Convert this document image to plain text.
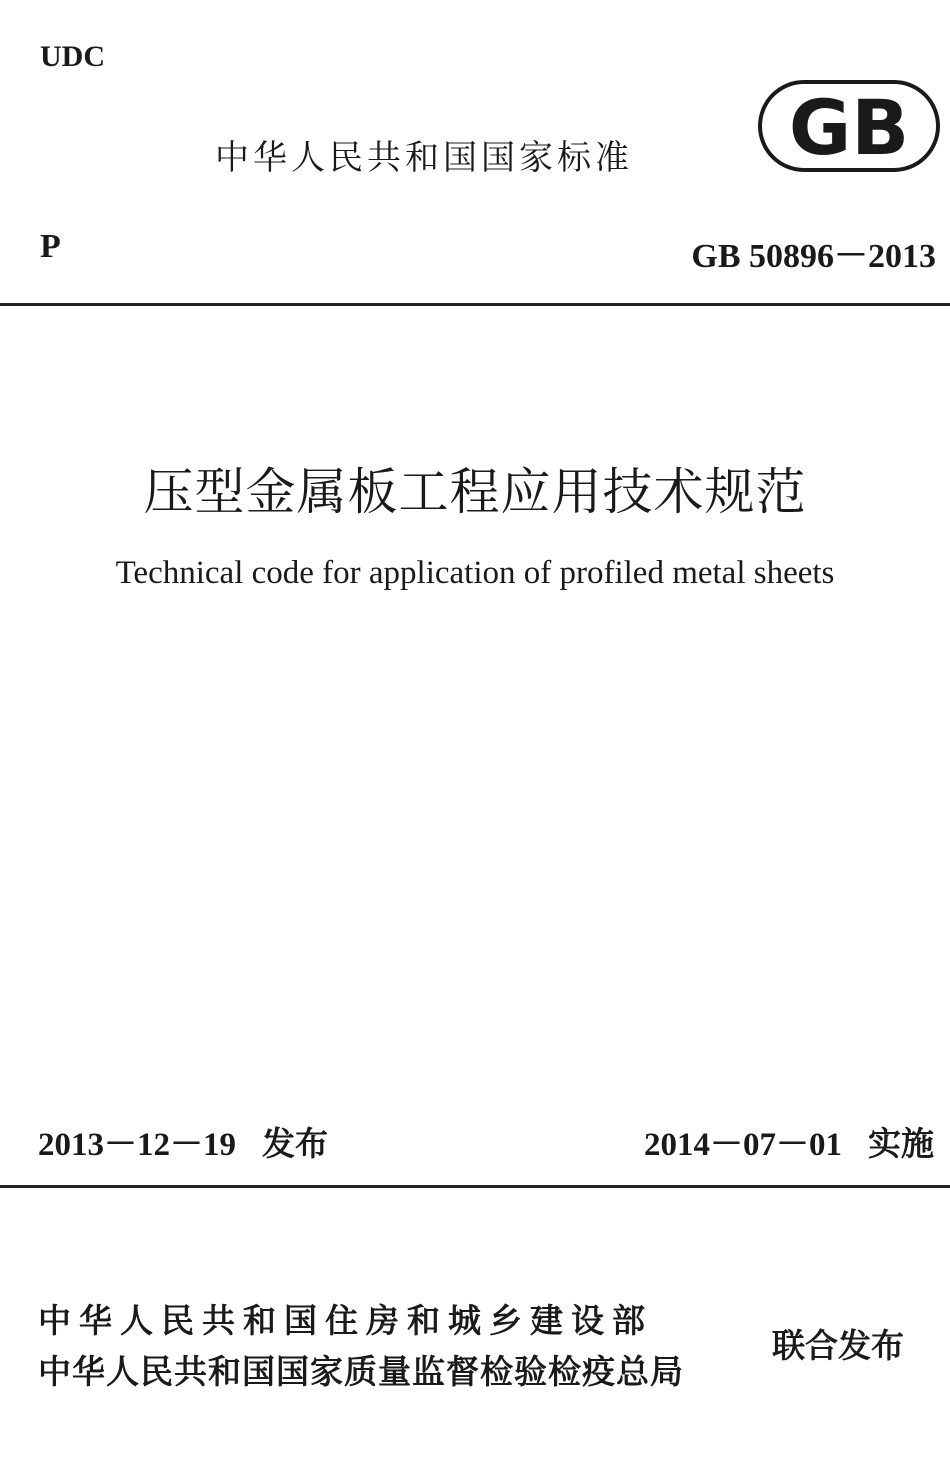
UDC
中华人民共和国国家标准 GB
P	GB 50896－2013
压型金属板工程应用技术规范
Technical code for application of profiled metal sheets
2013－12－19 发布	2014－07－01 实施
中华人民共和国住房和城乡建设部
中华人民共和国国家质量监督检验检疫总局
联合发布
